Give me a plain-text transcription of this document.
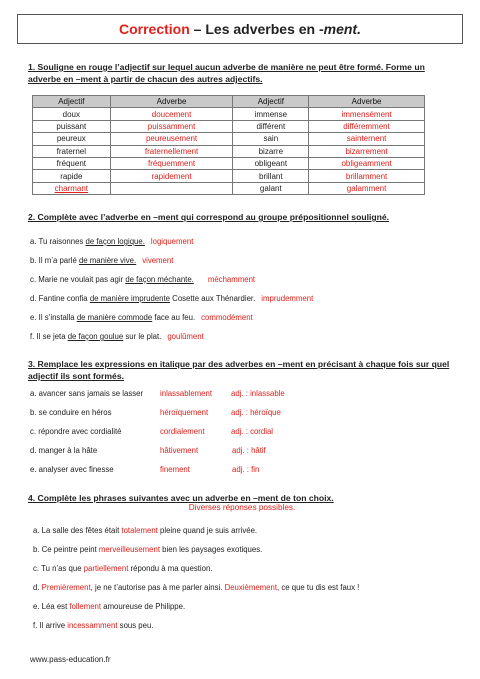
Correction – Les adverbes en -ment.
1. Souligne en rouge l’adjectif sur lequel aucun adverbe de manière ne peut être formé. Forme un adverbe en –ment à partir de chacun des autres adjectifs.
Adjectif	Adverbe	Adjectif	Adverbe
doux	doucement	immense	immensément
puissant	puissamment	différent	différemment
peureux	peureusement	sain	sainternent
fraternel	fraternellement	bizarre	bizarrement
fréquent	fréquemment	obligeant	obligeamment
rapide	rapidement	brillant	brillamment
charmant		galant	galamment
2. Complète avec l’adverbe en –ment qui correspond au groupe prépositionnel souligné.
a. Tu raisonnes de façon logique. logiquement
b. Il m’a parlé de manière vive. vivement
c. Marie ne voulait pas agir de façon méchante. méchamment
d. Fantine confia de manière imprudente Cosette aux Thénardier. imprudemment
e. Il s’installa de manière commode face au feu. commodément
f. Il se jeta de façon goulue sur le plat. goulûment
3. Remplace les expressions en italique par des adverbes en –ment en précisant à chaque fois sur quel adjectif ils sont formés.
a. avancer sans jamais se lasser inlassablement adj. : inlassable
b. se conduire en héros	héroïquement	adj. : héroïque
c. répondre avec cordialité	cordialement	adj. : cordial
d. manger à la hâte	hâtivement	adj. : hâtif
e. analyser avec finesse	finement	adj. : fin
4. Complète les phrases suivantes avec un adverbe en –ment de ton choix.
Diverses réponses possibles.
a. La salle des fêtes était totalement pleine quand je suis arrivée.
b. Ce peintre peint merveilleusement bien les paysages exotiques.
c. Tu n’as que partiellement répondu à ma question.
d. Premièrement, je ne t’autorise pas à me parler ainsi. Deuxièmement, ce que tu dis est faux !
e. Léa est follement amoureuse de Philippe.
f. Il arrive incessamment sous peu.
www.pass-education.fr
